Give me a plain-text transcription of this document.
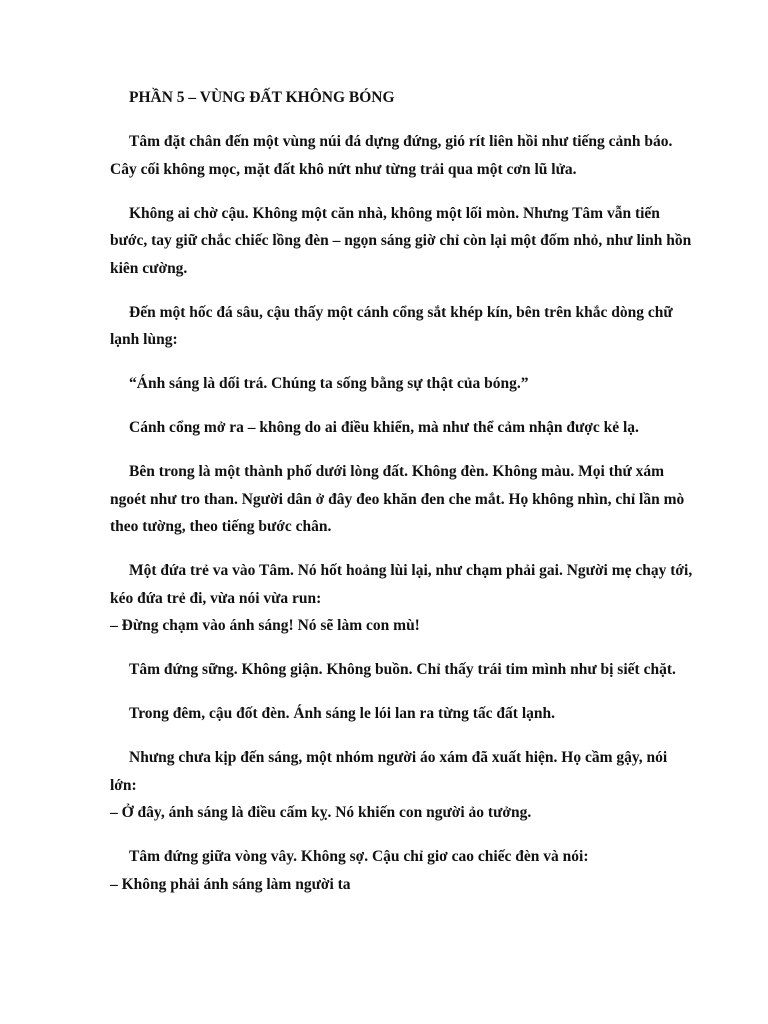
PHẦN 5 – VÙNG ĐẤT KHÔNG BÓNG

Tâm đặt chân đến một vùng núi đá dựng đứng, gió rít liên hồi như tiếng cảnh báo. Cây cối không mọc, mặt đất khô nứt như từng trải qua một cơn lũ lửa.

Không ai chờ cậu. Không một căn nhà, không một lối mòn. Nhưng Tâm vẫn tiến bước, tay giữ chắc chiếc lồng đèn – ngọn sáng giờ chỉ còn lại một đốm nhỏ, như linh hồn kiên cường.

Đến một hốc đá sâu, cậu thấy một cánh cổng sắt khép kín, bên trên khắc dòng chữ lạnh lùng:

“Ánh sáng là dối trá. Chúng ta sống bằng sự thật của bóng.”

Cánh cổng mở ra – không do ai điều khiển, mà như thể cảm nhận được kẻ lạ.

Bên trong là một thành phố dưới lòng đất. Không đèn. Không màu. Mọi thứ xám ngoét như tro than. Người dân ở đây đeo khăn đen che mắt. Họ không nhìn, chỉ lần mò theo tường, theo tiếng bước chân.

Một đứa trẻ va vào Tâm. Nó hốt hoảng lùi lại, như chạm phải gai. Người mẹ chạy tới, kéo đứa trẻ đi, vừa nói vừa run:
– Đừng chạm vào ánh sáng! Nó sẽ làm con mù!

Tâm đứng sững. Không giận. Không buồn. Chỉ thấy trái tim mình như bị siết chặt.

Trong đêm, cậu đốt đèn. Ánh sáng le lói lan ra từng tấc đất lạnh.

Nhưng chưa kịp đến sáng, một nhóm người áo xám đã xuất hiện. Họ cầm gậy, nói lớn:
– Ở đây, ánh sáng là điều cấm kỵ. Nó khiến con người ảo tưởng.

Tâm đứng giữa vòng vây. Không sợ. Cậu chỉ giơ cao chiếc đèn và nói:
– Không phải ánh sáng làm người ta
